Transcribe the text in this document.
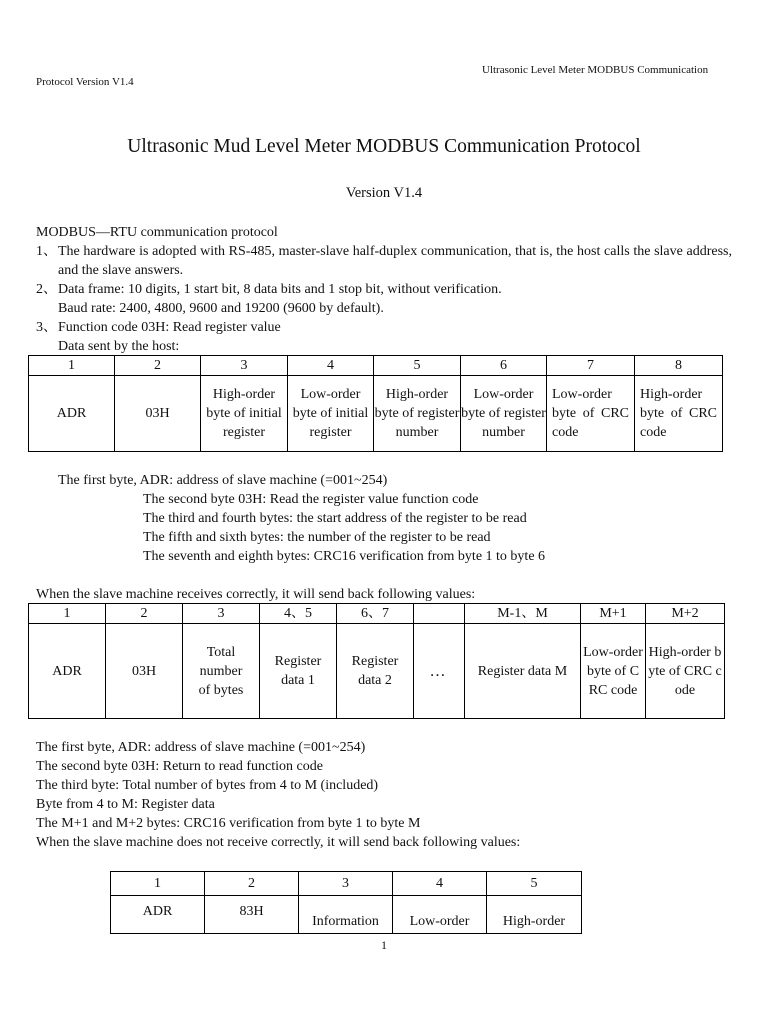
Ultrasonic Level Meter MODBUS Communication
Protocol Version V1.4
Ultrasonic Mud Level Meter MODBUS Communication Protocol
Version V1.4
MODBUS—RTU communication protocol
1、 The hardware is adopted with RS-485, master-slave half-duplex communication, that is, the host calls the slave address, and the slave answers.
2、 Data frame: 10 digits, 1 start bit, 8 data bits and 1 stop bit, without verification.
Baud rate: 2400, 4800, 9600 and 19200 (9600 by default).
3、 Function code 03H: Read register value
Data sent by the host:
1	2	3	4	5	6	7	8
ADR	03H	High-order byte of initial register	Low-order byte of initial register	High-order byte of register number	Low-order byte of register number	Low-order byte of CRC code	High-order byte of CRC code
The first byte, ADR: address of slave machine (=001~254)
The second byte 03H: Read the register value function code
The third and fourth bytes: the start address of the register to be read
The fifth and sixth bytes: the number of the register to be read
The seventh and eighth bytes: CRC16 verification from byte 1 to byte 6
When the slave machine receives correctly, it will send back following values:
1	2	3	4、5	6、7		M-1、M	M+1	M+2
ADR	03H	Total number of bytes	Register data 1	Register data 2	…	Register data M	Low-order byte of CRC code	High-order byte of CRC code
The first byte, ADR: address of slave machine (=001~254)
The second byte 03H: Return to read function code
The third byte: Total number of bytes from 4 to M (included)
Byte from 4 to M: Register data
The M+1 and M+2 bytes: CRC16 verification from byte 1 to byte M
When the slave machine does not receive correctly, it will send back following values:
1	2	3	4	5
ADR	83H	Information	Low-order	High-order
1
